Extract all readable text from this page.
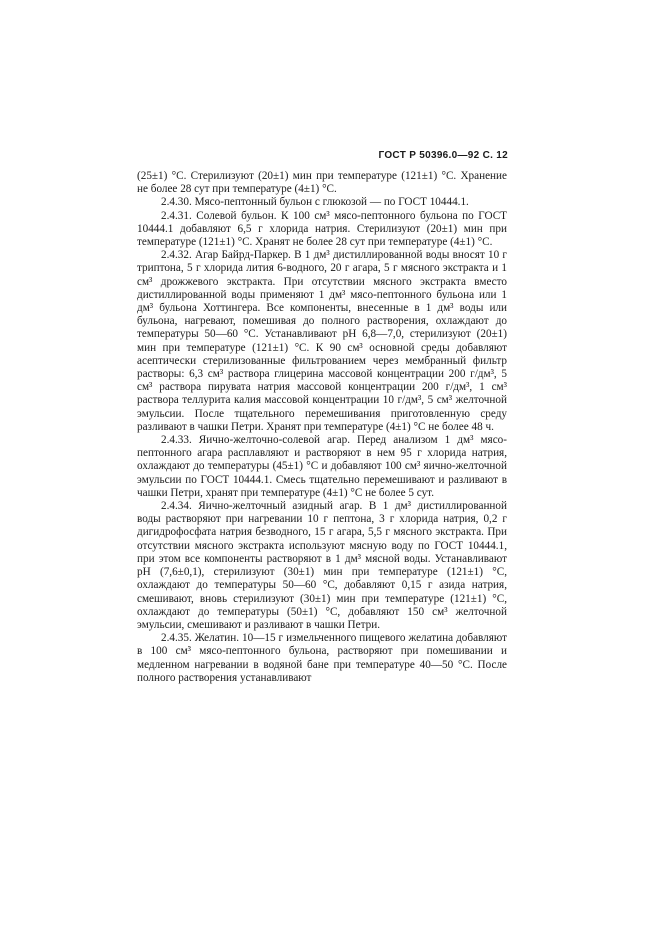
ГОСТ Р 50396.0—92 С. 12

(25±1) °С. Стерилизуют (20±1) мин при температуре (121±1) °С. Хранение не более 28 сут при температуре (4±1) °С.

2.4.30. Мясо-пептонный бульон с глюкозой — по ГОСТ 10444.1.

2.4.31. Солевой бульон. К 100 см³ мясо-пептонного бульона по ГОСТ 10444.1 добавляют 6,5 г хлорида натрия. Стерилизуют (20±1) мин при температуре (121±1) °С. Хранят не более 28 сут при температуре (4±1) °С.

2.4.32. Агар Байрд-Паркер. В 1 дм³ дистиллированной воды вносят 10 г триптона, 5 г хлорида лития 6-водного, 20 г агара, 5 г мясного экстракта и 1 см³ дрожжевого экстракта. При отсутствии мясного экстракта вместо дистиллированной воды применяют 1 дм³ мясо-пептонного бульона или 1 дм³ бульона Хоттингера. Все компоненты, внесенные в 1 дм³ воды или бульона, нагревают, помешивая до полного растворения, охлаждают до температуры 50—60 °С. Устанавливают рН 6,8—7,0, стерилизуют (20±1) мин при температуре (121±1) °С. К 90 см³ основной среды добавляют асептически стерилизованные фильтрованием через мембранный фильтр растворы: 6,3 см³ раствора глицерина массовой концентрации 200 г/дм³, 5 см³ раствора пирувата натрия массовой концентрации 200 г/дм³, 1 см³ раствора теллурита калия массовой концентрации 10 г/дм³, 5 см³ желточной эмульсии. После тщательного перемешивания приготовленную среду разливают в чашки Петри. Хранят при температуре (4±1) °С не более 48 ч.

2.4.33. Яично-желточно-солевой агар. Перед анализом 1 дм³ мясо-пептонного агара расплавляют и растворяют в нем 95 г хлорида натрия, охлаждают до температуры (45±1) °С и добавляют 100 см³ яично-желточной эмульсии по ГОСТ 10444.1. Смесь тщательно перемешивают и разливают в чашки Петри, хранят при температуре (4±1) °С не более 5 сут.

2.4.34. Яично-желточный азидный агар. В 1 дм³ дистиллированной воды растворяют при нагревании 10 г пептона, 3 г хлорида натрия, 0,2 г дигидрофосфата натрия безводного, 15 г агара, 5,5 г мясного экстракта. При отсутствии мясного экстракта используют мясную воду по ГОСТ 10444.1, при этом все компоненты растворяют в 1 дм³ мясной воды. Устанавливают рН (7,6±0,1), стерилизуют (30±1) мин при температуре (121±1) °С, охлаждают до температуры 50—60 °С, добавляют 0,15 г азида натрия, смешивают, вновь стерилизуют (30±1) мин при температуре (121±1) °С, охлаждают до температуры (50±1) °С, добавляют 150 см³ желточной эмульсии, смешивают и разливают в чашки Петри.

2.4.35. Желатин. 10—15 г измельченного пищевого желатина добавляют в 100 см³ мясо-пептонного бульона, растворяют при помешивании и медленном нагревании в водяной бане при температуре 40—50 °С. После полного растворения устанавливают
